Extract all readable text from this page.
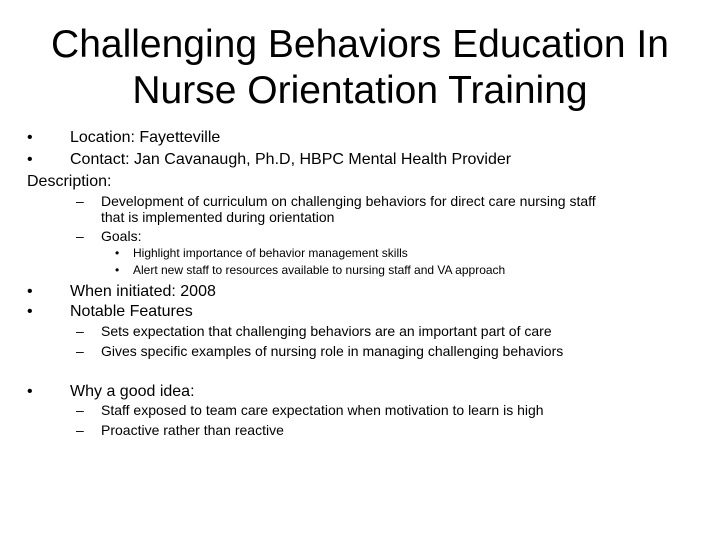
Challenging Behaviors Education In
Nurse Orientation Training
• Location: Fayetteville
• Contact: Jan Cavanaugh, Ph.D, HBPC Mental Health Provider
Description:
– Development of curriculum on challenging behaviors for direct care nursing staff
that is implemented during orientation
– Goals:
• Highlight importance of behavior management skills
• Alert new staff to resources available to nursing staff and VA approach
• When initiated: 2008
• Notable Features
– Sets expectation that challenging behaviors are an important part of care
– Gives specific examples of nursing role in managing challenging behaviors
• Why a good idea:
– Staff exposed to team care expectation when motivation to learn is high
– Proactive rather than reactive
